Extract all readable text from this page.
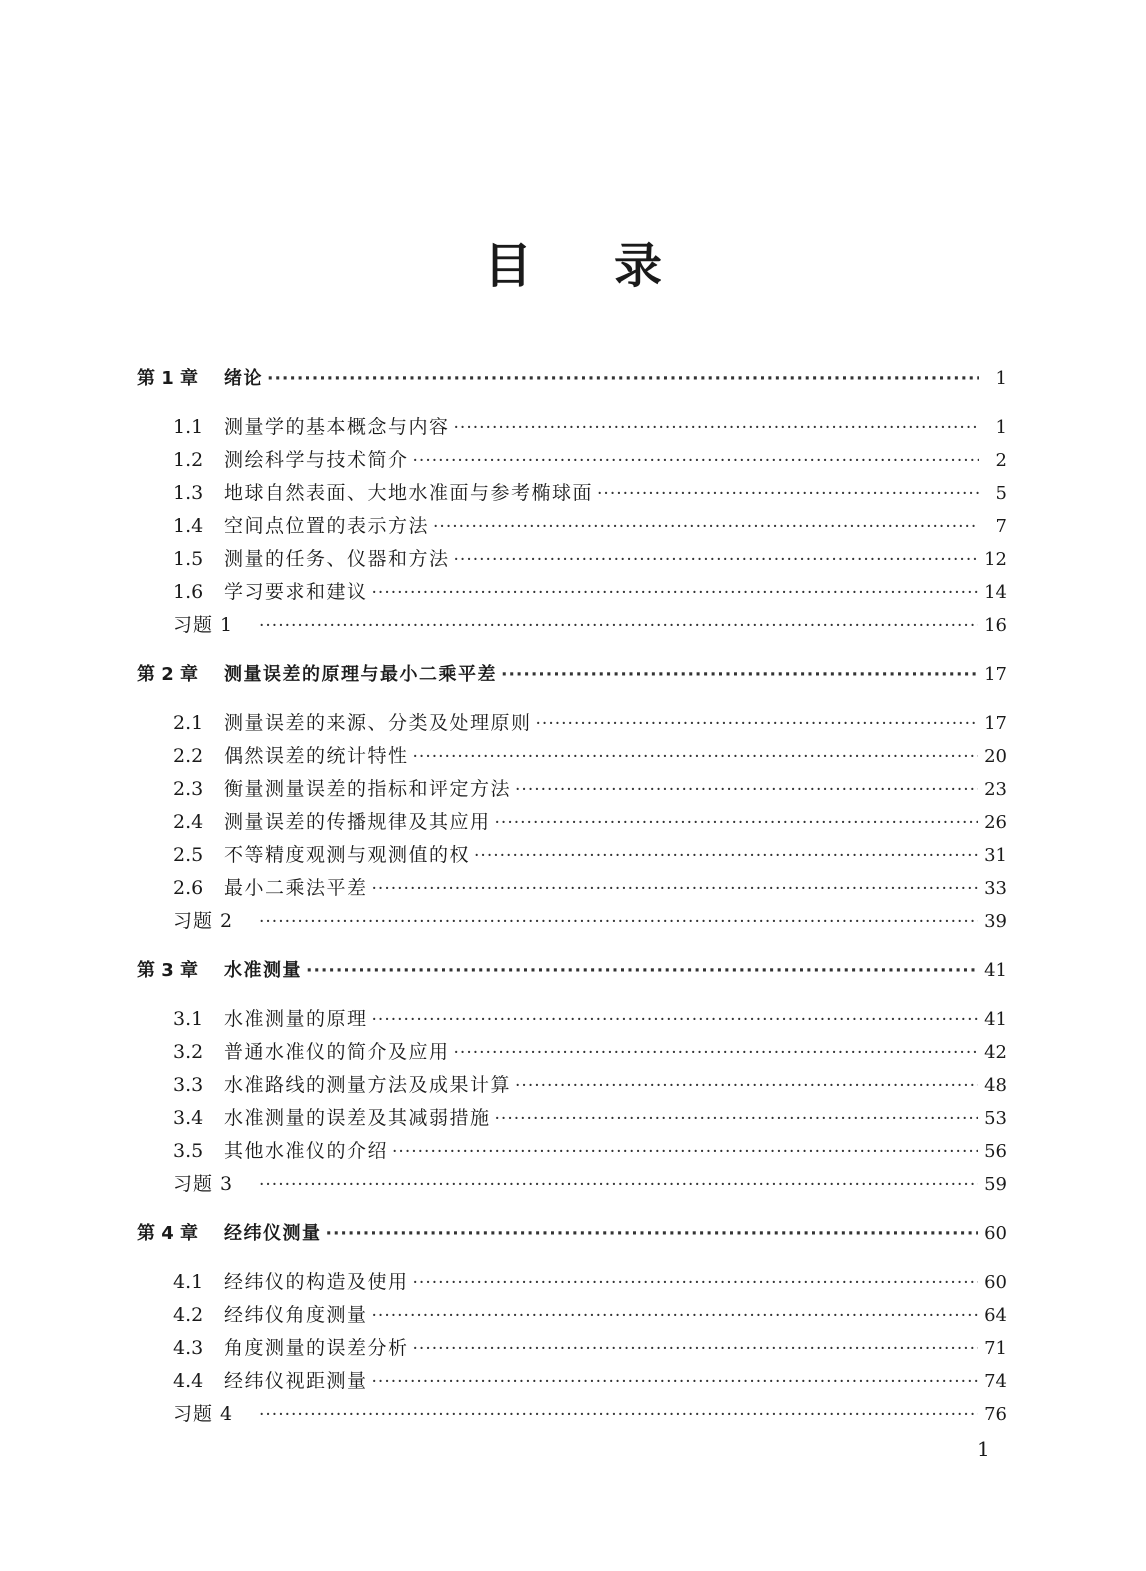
目录
第 1 章	绪论 ·····	1
1.1	测量学的基本概念与内容 ·····	1
1.2	测绘科学与技术简介 ·····	2
1.3	地球自然表面、大地水准面与参考椭球面 ·····	5
1.4	空间点位置的表示方法 ·····	7
1.5	测量的任务、仪器和方法 ·····	12
1.6	学习要求和建议 ·····	14
习题 1 ·····	16
第 2 章	测量误差的原理与最小二乘平差 ·····	17
2.1	测量误差的来源、分类及处理原则 ·····	17
2.2	偶然误差的统计特性 ·····	20
2.3	衡量测量误差的指标和评定方法 ·····	23
2.4	测量误差的传播规律及其应用 ·····	26
2.5	不等精度观测与观测值的权 ·····	31
2.6	最小二乘法平差 ·····	33
习题 2 ·····	39
第 3 章	水准测量 ·····	41
3.1	水准测量的原理 ·····	41
3.2	普通水准仪的简介及应用 ·····	42
3.3	水准路线的测量方法及成果计算 ·····	48
3.4	水准测量的误差及其减弱措施 ·····	53
3.5	其他水准仪的介绍 ·····	56
习题 3 ·····	59
第 4 章	经纬仪测量 ·····	60
4.1	经纬仪的构造及使用 ·····	60
4.2	经纬仪角度测量 ·····	64
4.3	角度测量的误差分析 ·····	71
4.4	经纬仪视距测量 ·····	74
习题 4 ·····	76
1
